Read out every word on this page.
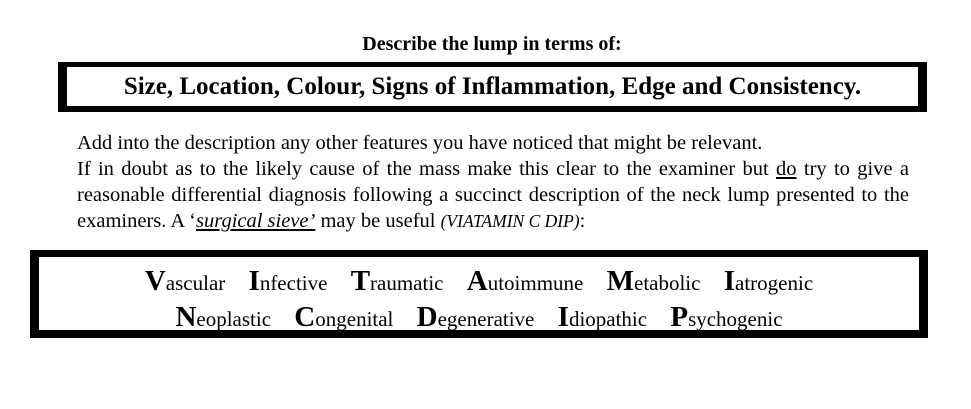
Describe the lump in terms of:
Size, Location, Colour, Signs of Inflammation, Edge and Consistency.

Add into the description any other features you have noticed that might be relevant.

If in doubt as to the likely cause of the mass make this clear to the examiner but do try to give a reasonable differential diagnosis following a succinct description of the neck lump presented to the examiners. A ‘surgical sieve’ may be useful (VIATAMIN C DIP):

Vascular Infective Traumatic Autoimmune Metabolic Iatrogenic
Neoplastic Congenital Degenerative Idiopathic Psychogenic
